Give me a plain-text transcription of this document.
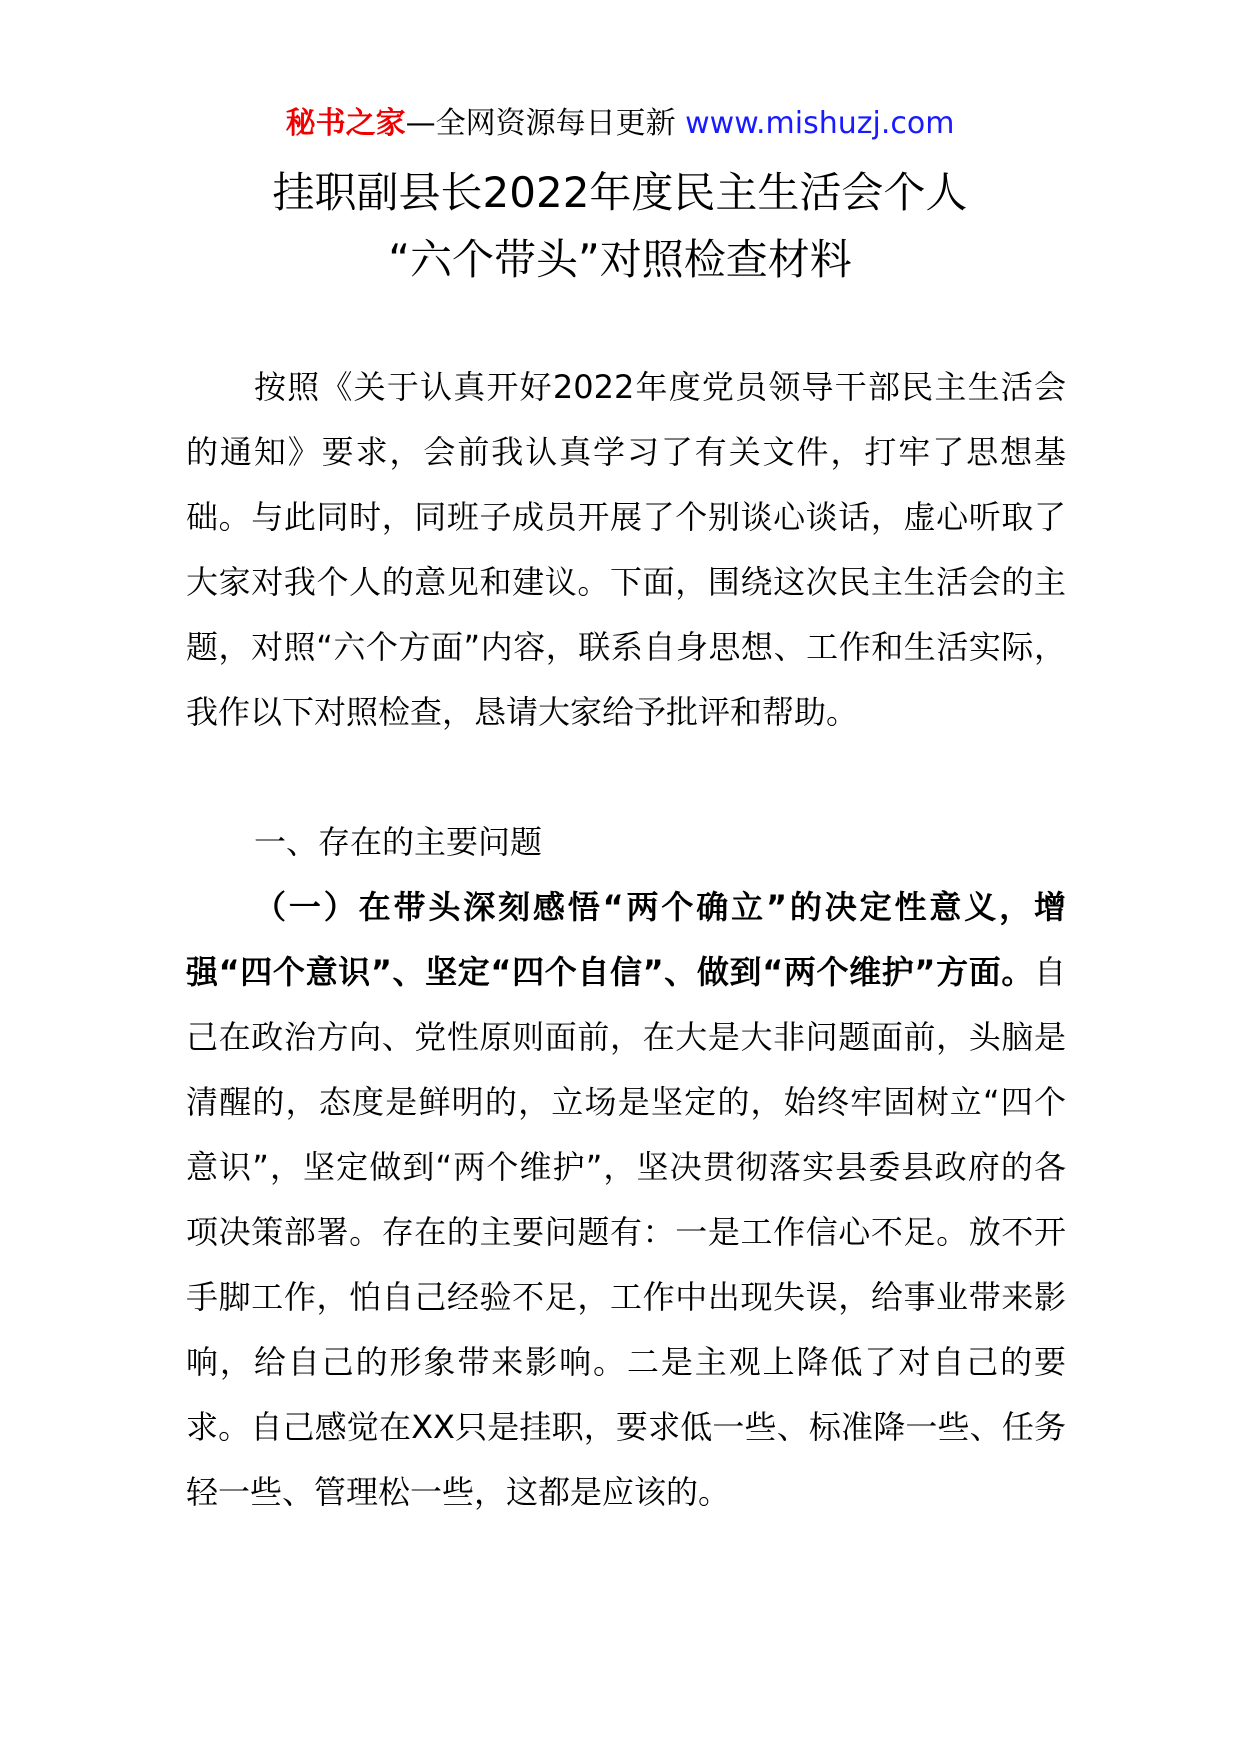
秘书之家—全网资源每日更新 www.mishuzj.com
挂职副县长2022年度民主生活会个人
“六个带头”对照检查材料
按照《关于认真开好2022年度党员领导干部民主生活会的通知》要求，会前我认真学习了有关文件，打牢了思想基础。与此同时，同班子成员开展了个别谈心谈话，虚心听取了大家对我个人的意见和建议。下面，围绕这次民主生活会的主题，对照“六个方面”内容，联系自身思想、工作和生活实际，我作以下对照检查，恳请大家给予批评和帮助。
一、存在的主要问题
（一）在带头深刻感悟“两个确立”的决定性意义，增强“四个意识”、坚定“四个自信”、做到“两个维护”方面。自己在政治方向、党性原则面前，在大是大非问题面前，头脑是清醒的，态度是鲜明的，立场是坚定的，始终牢固树立“四个意识”，坚定做到“两个维护”，坚决贯彻落实县委县政府的各项决策部署。存在的主要问题有：一是工作信心不足。放不开手脚工作，怕自己经验不足，工作中出现失误，给事业带来影响，给自己的形象带来影响。二是主观上降低了对自己的要求。自己感觉在XX只是挂职，要求低一些、标准降一些、任务轻一些、管理松一些，这都是应该的。
